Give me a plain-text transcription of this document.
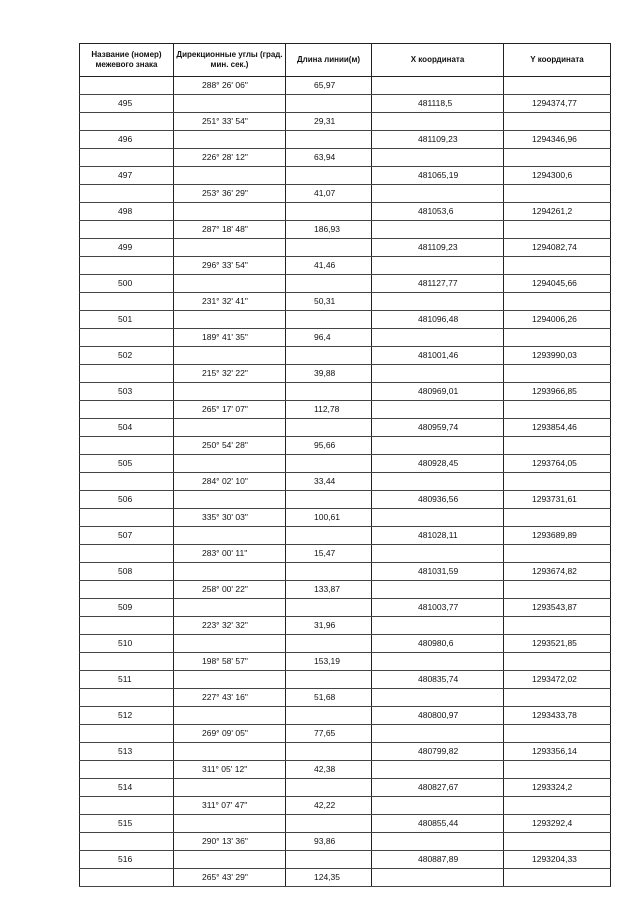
Название (номер) межевого знака	Дирекционные углы (град. мин. сек.)	Длина линии(м)	X координата	Y координата
	288° 26' 06"	65,97		
495			481118,5	1294374,77
	251° 33' 54"	29,31		
496			481109,23	1294346,96
	226° 28' 12"	63,94		
497			481065,19	1294300,6
	253° 36' 29"	41,07		
498			481053,6	1294261,2
	287° 18' 48"	186,93		
499			481109,23	1294082,74
	296° 33' 54"	41,46		
500			481127,77	1294045,66
	231° 32' 41"	50,31		
501			481096,48	1294006,26
	189° 41' 35"	96,4		
502			481001,46	1293990,03
	215° 32' 22"	39,88		
503			480969,01	1293966,85
	265° 17' 07"	112,78		
504			480959,74	1293854,46
	250° 54' 28"	95,66		
505			480928,45	1293764,05
	284° 02' 10"	33,44		
506			480936,56	1293731,61
	335° 30' 03"	100,61		
507			481028,11	1293689,89
	283° 00' 11"	15,47		
508			481031,59	1293674,82
	258° 00' 22"	133,87		
509			481003,77	1293543,87
	223° 32' 32"	31,96		
510			480980,6	1293521,85
	198° 58' 57"	153,19		
511			480835,74	1293472,02
	227° 43' 16"	51,68		
512			480800,97	1293433,78
	269° 09' 05"	77,65		
513			480799,82	1293356,14
	311° 05' 12"	42,38		
514			480827,67	1293324,2
	311° 07' 47"	42,22		
515			480855,44	1293292,4
	290° 13' 36"	93,86		
516			480887,89	1293204,33
	265° 43' 29"	124,35		
